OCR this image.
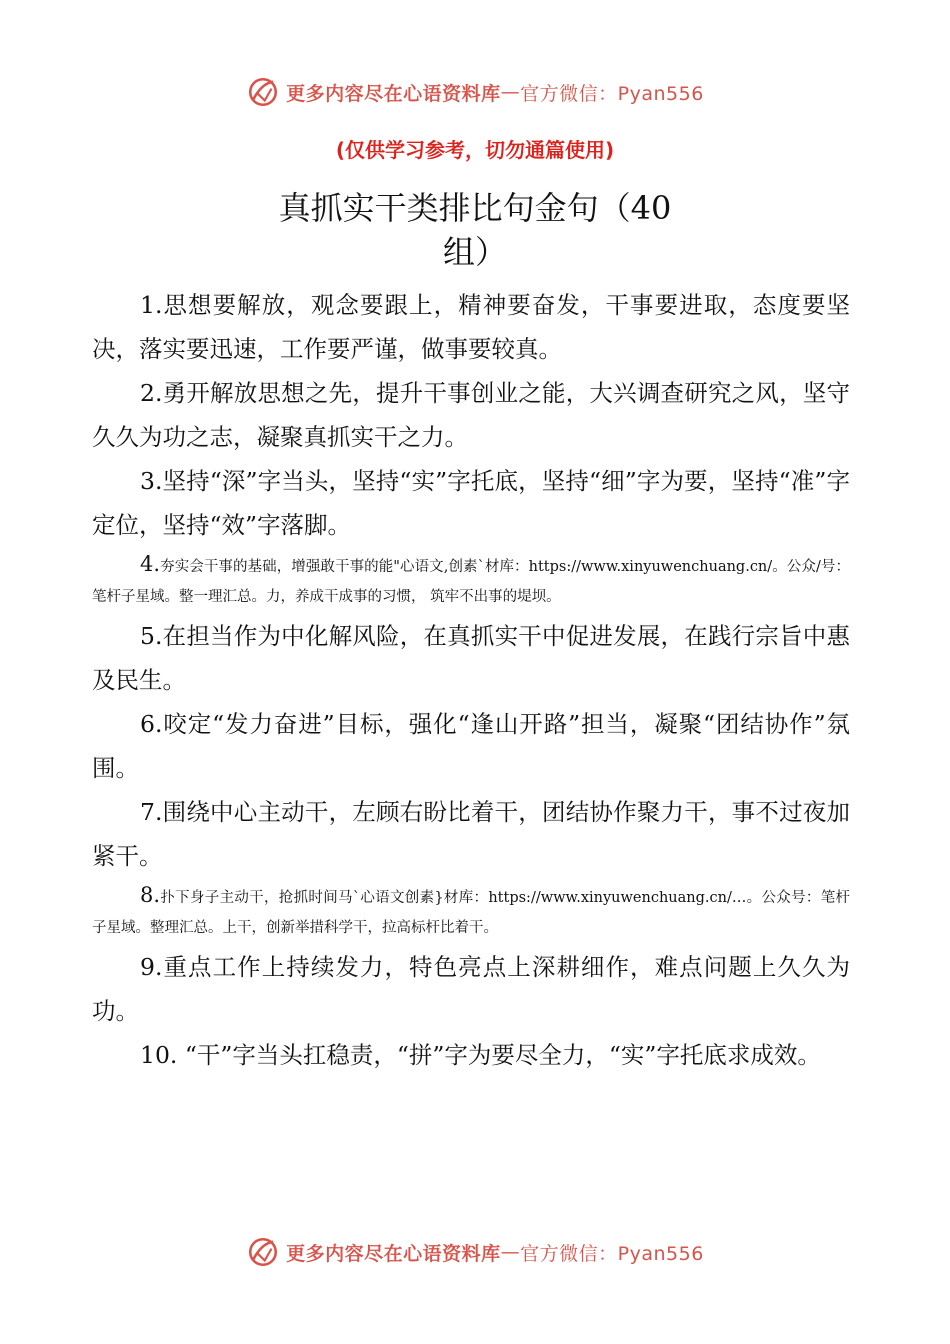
更多内容尽在心语资料库 — 官方微信：Pyan556
(仅供学习参考，切勿通篇使用)
真抓实干类排比句金句（40
组）

1.思想要解放，观念要跟上，精神要奋发，干事要进取，态度要坚决，落实要迅速，工作要严谨，做事要较真。

2.勇开解放思想之先，提升干事创业之能，大兴调查研究之风，坚守久久为功之志，凝聚真抓实干之力。

3.坚持“深”字当头，坚持“实”字托底，坚持“细”字为要，坚持“准”字定位，坚持“效”字落脚。

4.夯实会干事的基础，增强敢干事的能"心语文,创素`材库：https://www.xinyuwenchuang.cn/。公众/号：笔杆子星域。整一理汇总。力，养成干成事的习惯， 筑牢不出事的堤坝。

5.在担当作为中化解风险，在真抓实干中促进发展，在践行宗旨中惠及民生。

6.咬定“发力奋进”目标，强化“逢山开路”担当，凝聚“团结协作”氛围。

7.围绕中心主动干，左顾右盼比着干，团结协作聚力干，事不过夜加紧干。

8.扑下身子主动干，抢抓时间马`心语文创素}材库：https://www.xinyuwenchuang.cn/…。公众号：笔杆子星域。整理汇总。上干，创新举措科学干，拉高标杆比着干。

9.重点工作上持续发力，特色亮点上深耕细作，难点问题上久久为功。

10. “干”字当头扛稳责，“拼”字为要尽全力，“实”字托底求成效。

更多内容尽在心语资料库 — 官方微信：Pyan556
